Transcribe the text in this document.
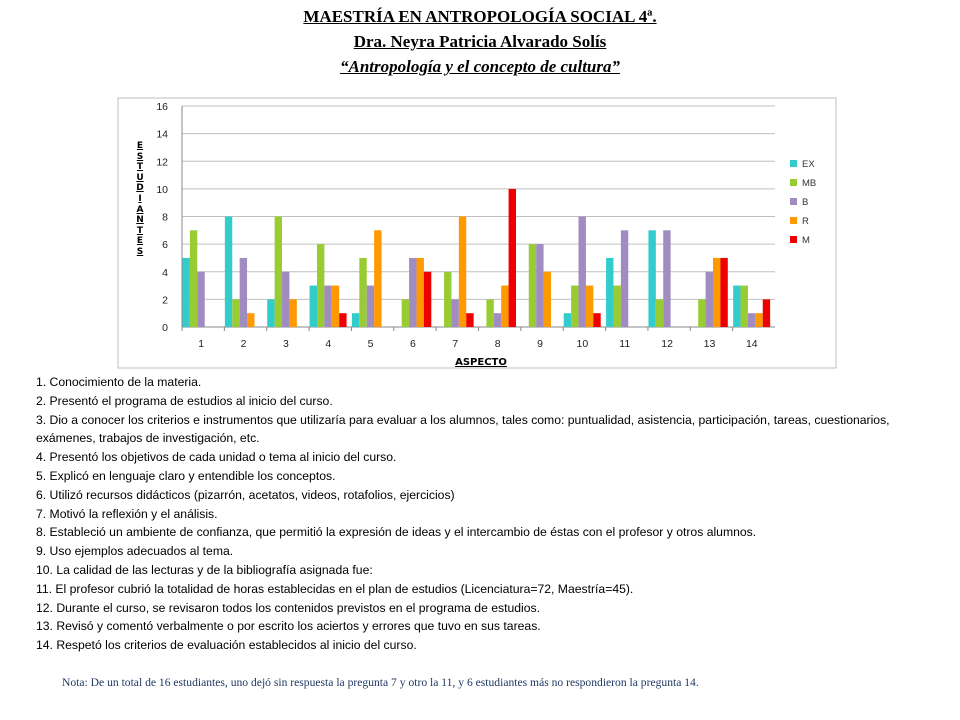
MAESTRÍA EN ANTROPOLOGÍA SOCIAL 4ª.
Dra. Neyra Patricia Alvarado Solís
“Antropología y el concepto de cultura”
0
2
4
6
8
10
12
14
16
1	2	3	4	5	6	7	8	9	10	11	12	13	14
ASPECTO
EX
MB
B
R
M
E
S
T
U
D
I
A
N
T
E
S
1. Conocimiento de la materia.
2. Presentó el programa de estudios al inicio del curso.
3. Dio a conocer los criterios e instrumentos que utilizaría para evaluar a los alumnos, tales como: puntualidad, asistencia, participación, tareas, cuestionarios, exámenes, trabajos de investigación, etc.
4. Presentó los objetivos de cada unidad o tema al inicio del curso.
5. Explicó en lenguaje claro y entendible los conceptos.
6. Utilizó recursos didácticos (pizarrón, acetatos, videos, rotafolios, ejercicios)
7. Motivó la reflexión y el análisis.
8. Estableció un ambiente de confianza, que permitió la expresión de ideas y el intercambio de éstas con el profesor y otros alumnos.
9. Uso ejemplos adecuados al tema.
10. La calidad de las lecturas y de la bibliografía asignada fue:
11. El profesor cubrió la totalidad de horas establecidas en el plan de estudios (Licenciatura=72, Maestría=45).
12. Durante el curso, se revisaron todos los contenidos previstos en el programa de estudios.
13. Revisó y comentó verbalmente o por escrito los aciertos y errores que tuvo en sus tareas.
14. Respetó los criterios de evaluación establecidos al inicio del curso.
Nota: De un total de 16 estudiantes, uno dejó sin respuesta la pregunta 7 y otro la 11, y 6 estudiantes más no respondieron la pregunta 14.
